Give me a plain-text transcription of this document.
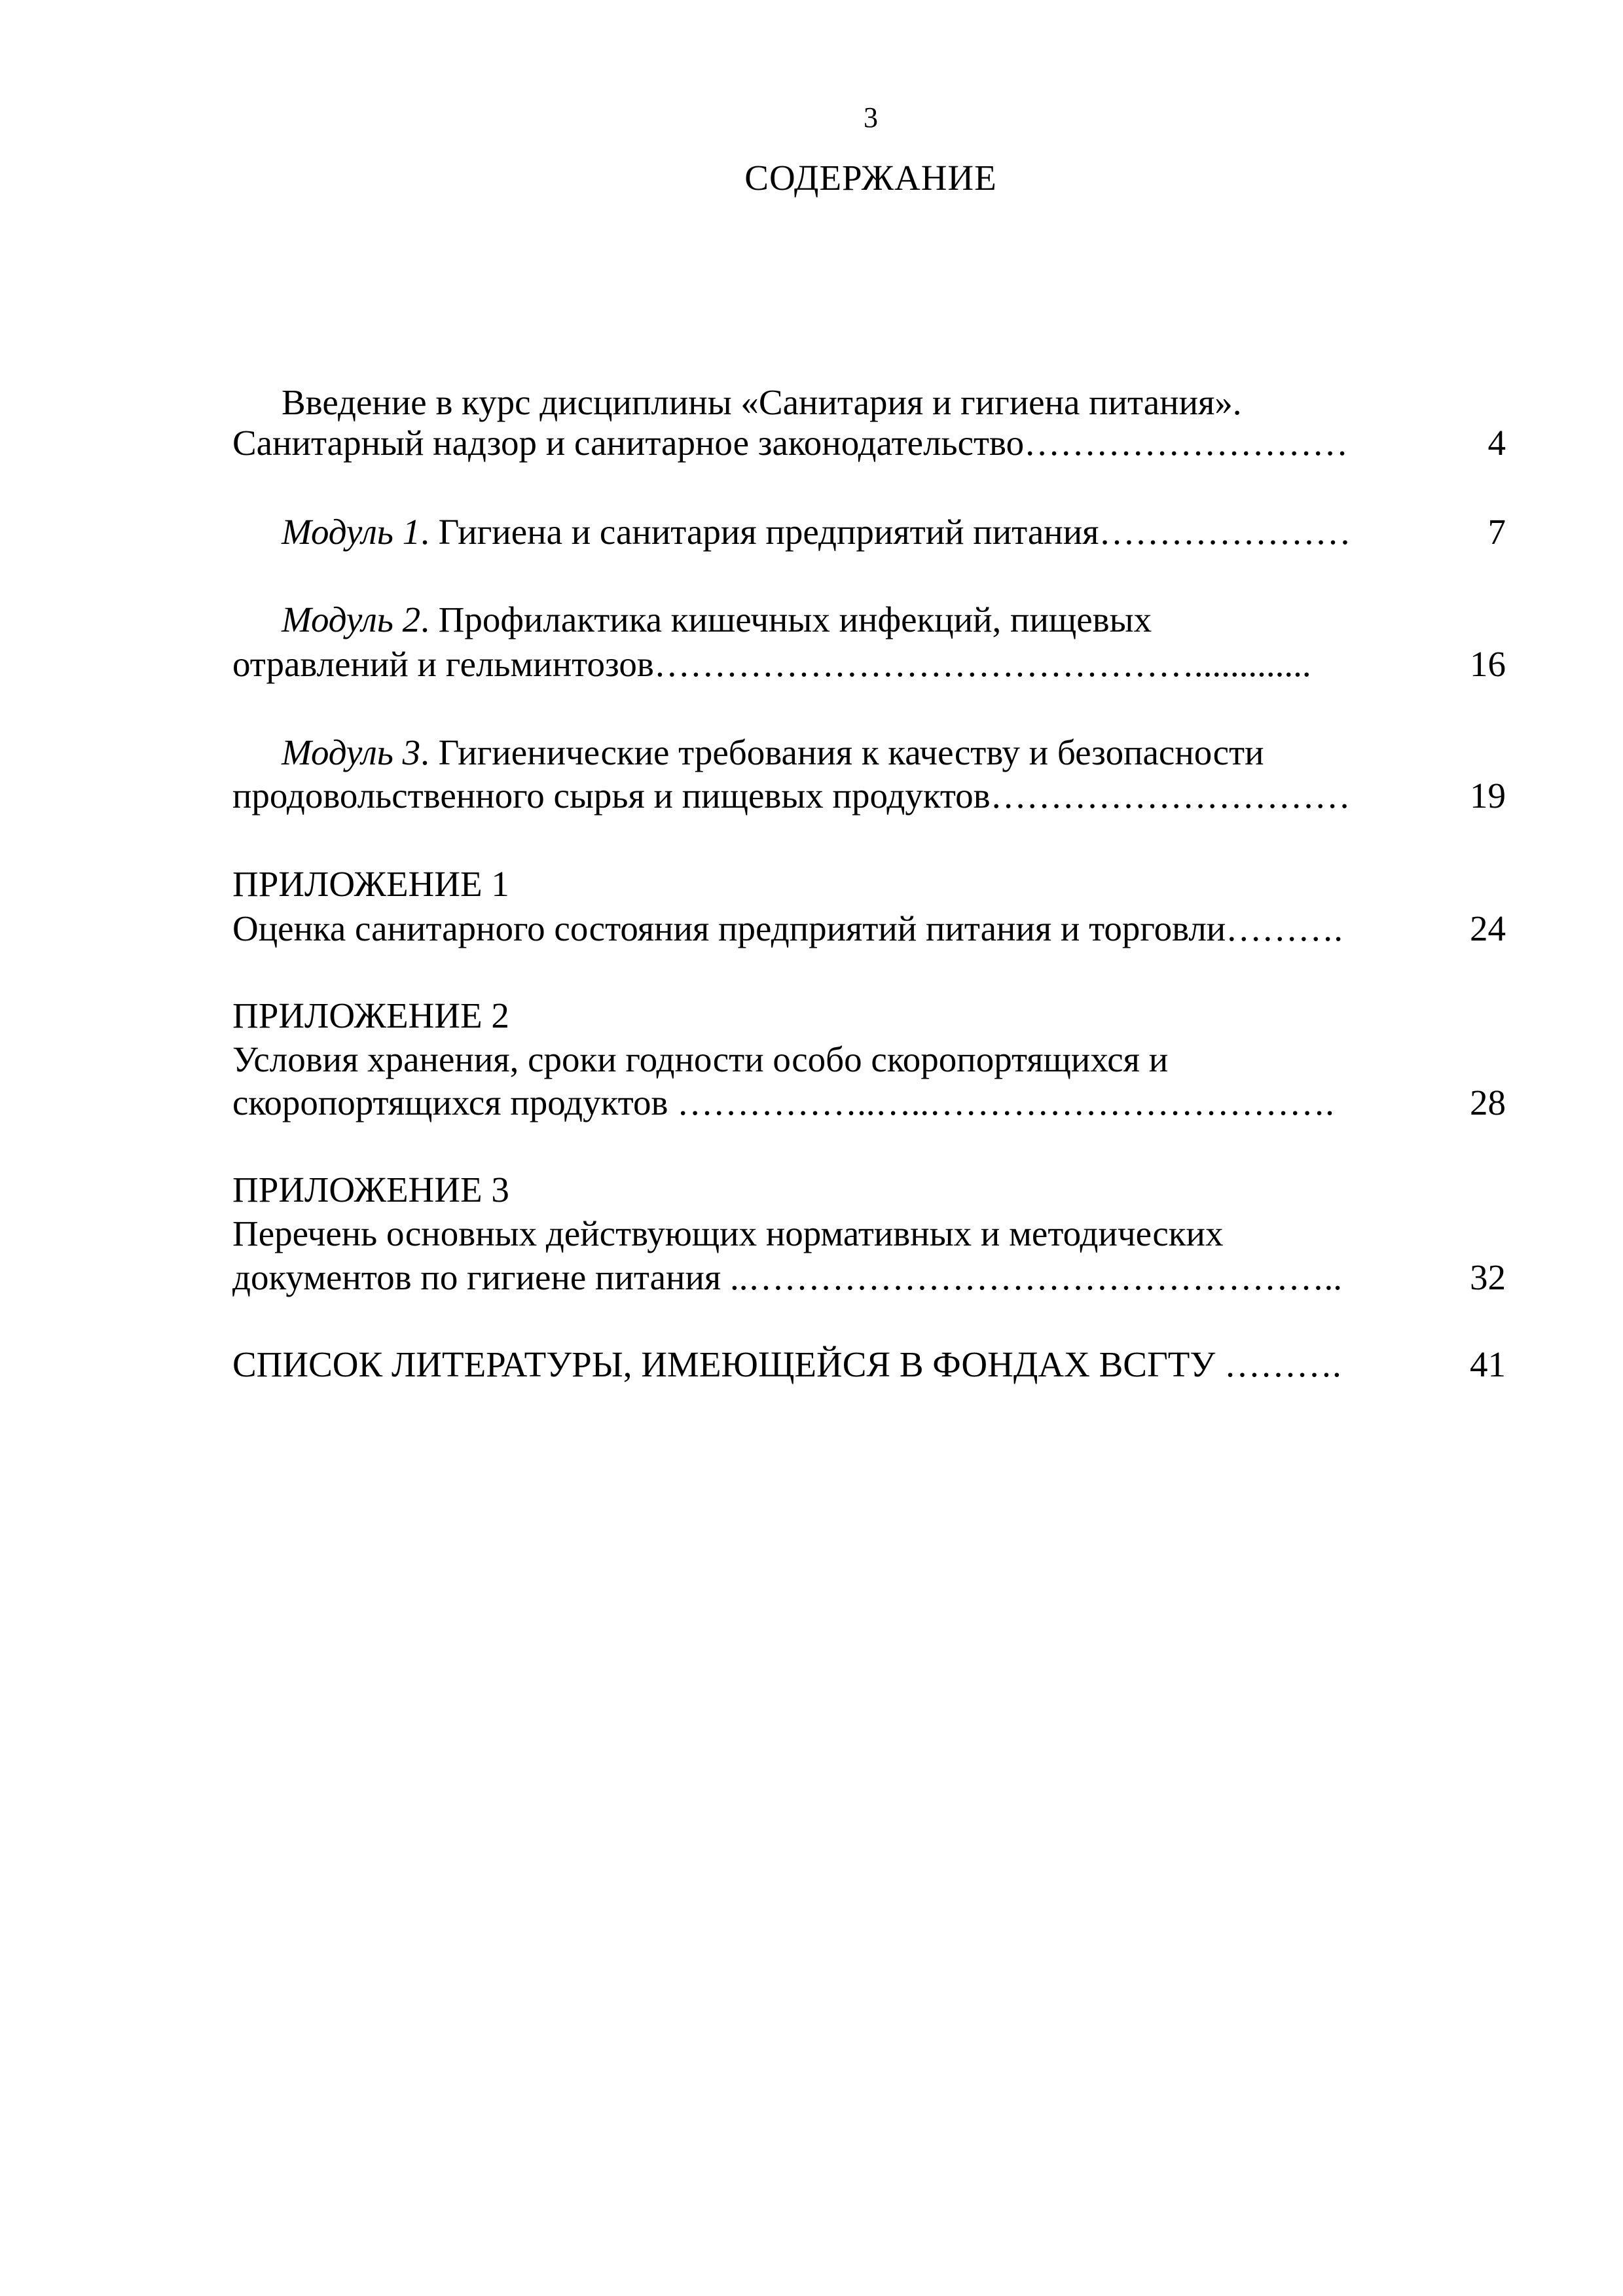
3
СОДЕРЖАНИЕ
Введение в курс дисциплины «Санитария и гигиена питания».
Санитарный надзор и санитарное законодательство………………………	4
Модуль 1. Гигиена и санитария предприятий питания…………………	7
Модуль 2. Профилактика кишечных инфекций, пищевых
отравлений и гельминтозов……………………………………….............	16
Модуль 3. Гигиенические требования к качеству и безопасности
продовольственного сырья и пищевых продуктов…………………………	19
ПРИЛОЖЕНИЕ 1
Оценка санитарного состояния предприятий питания и торговли……….	24
ПРИЛОЖЕНИЕ 2
Условия хранения, сроки годности особо скоропортящихся и
скоропортящихся продуктов ……………..…..…………………………….	28
ПРИЛОЖЕНИЕ 3
Перечень основных действующих нормативных и методических
документов по гигиене питания ..…………………………………………..	32
СПИСОК ЛИТЕРАТУРЫ, ИМЕЮЩЕЙСЯ В ФОНДАХ ВСГТУ ……….	41
